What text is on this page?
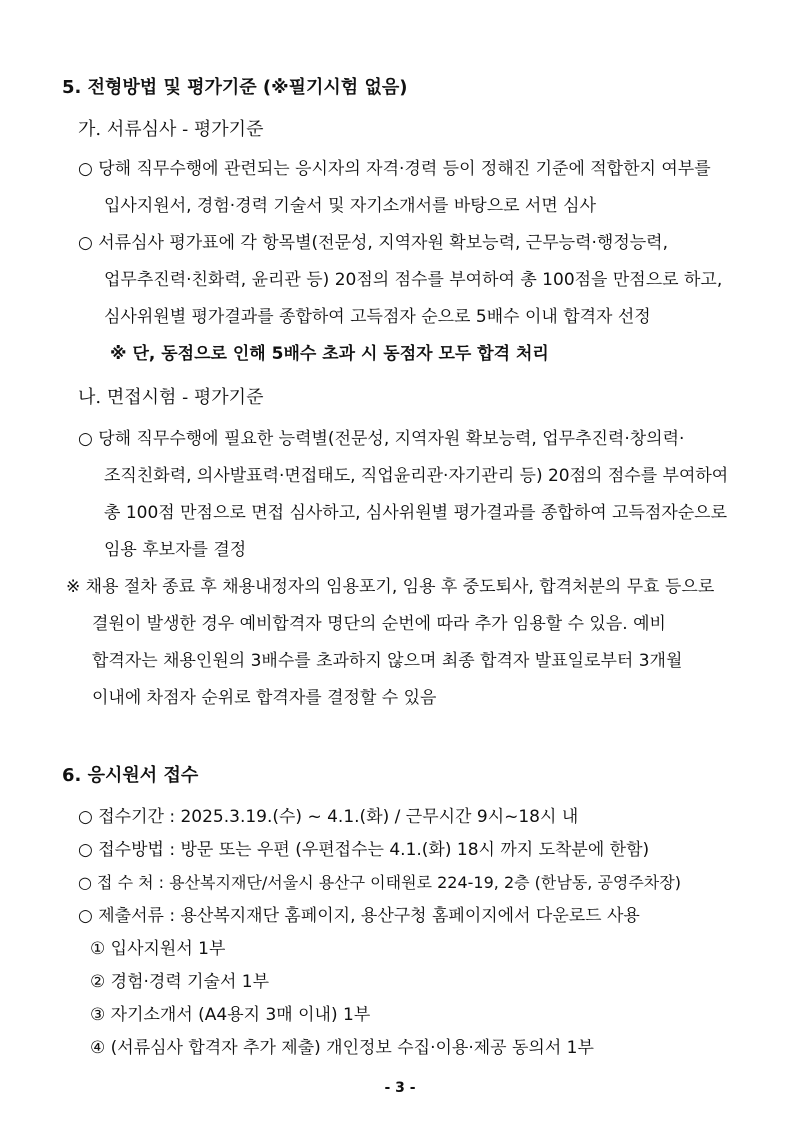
5. 전형방법 및 평가기준 (※필기시험 없음)
가. 서류심사 - 평가기준
○ 당해 직무수행에 관련되는 응시자의 자격·경력 등이 정해진 기준에 적합한지 여부를
입사지원서, 경험·경력 기술서 및 자기소개서를 바탕으로 서면 심사
○ 서류심사 평가표에 각 항목별(전문성, 지역자원 확보능력, 근무능력·행정능력,
업무추진력·친화력, 윤리관 등) 20점의 점수를 부여하여 총 100점을 만점으로 하고,
심사위원별 평가결과를 종합하여 고득점자 순으로 5배수 이내 합격자 선정
※ 단, 동점으로 인해 5배수 초과 시 동점자 모두 합격 처리
나. 면접시험 - 평가기준
○ 당해 직무수행에 필요한 능력별(전문성, 지역자원 확보능력, 업무추진력·창의력·
조직친화력, 의사발표력·면접태도, 직업윤리관·자기관리 등) 20점의 점수를 부여하여
총 100점 만점으로 면접 심사하고, 심사위원별 평가결과를 종합하여 고득점자순으로
임용 후보자를 결정
※ 채용 절차 종료 후 채용내정자의 임용포기, 임용 후 중도퇴사, 합격처분의 무효 등으로
결원이 발생한 경우 예비합격자 명단의 순번에 따라 추가 임용할 수 있음. 예비
합격자는 채용인원의 3배수를 초과하지 않으며 최종 합격자 발표일로부터 3개월
이내에 차점자 순위로 합격자를 결정할 수 있음
6. 응시원서 접수
○ 접수기간 : 2025.3.19.(수) ~ 4.1.(화) / 근무시간 9시~18시 내
○ 접수방법 : 방문 또는 우편 (우편접수는 4.1.(화) 18시 까지 도착분에 한함)
○ 접 수 처 : 용산복지재단/서울시 용산구 이태원로 224-19, 2층 (한남동, 공영주차장)
○ 제출서류 : 용산복지재단 홈페이지, 용산구청 홈페이지에서 다운로드 사용
① 입사지원서 1부
② 경험·경력 기술서 1부
③ 자기소개서 (A4용지 3매 이내) 1부
④ (서류심사 합격자 추가 제출) 개인정보 수집·이용·제공 동의서 1부
- 3 -
